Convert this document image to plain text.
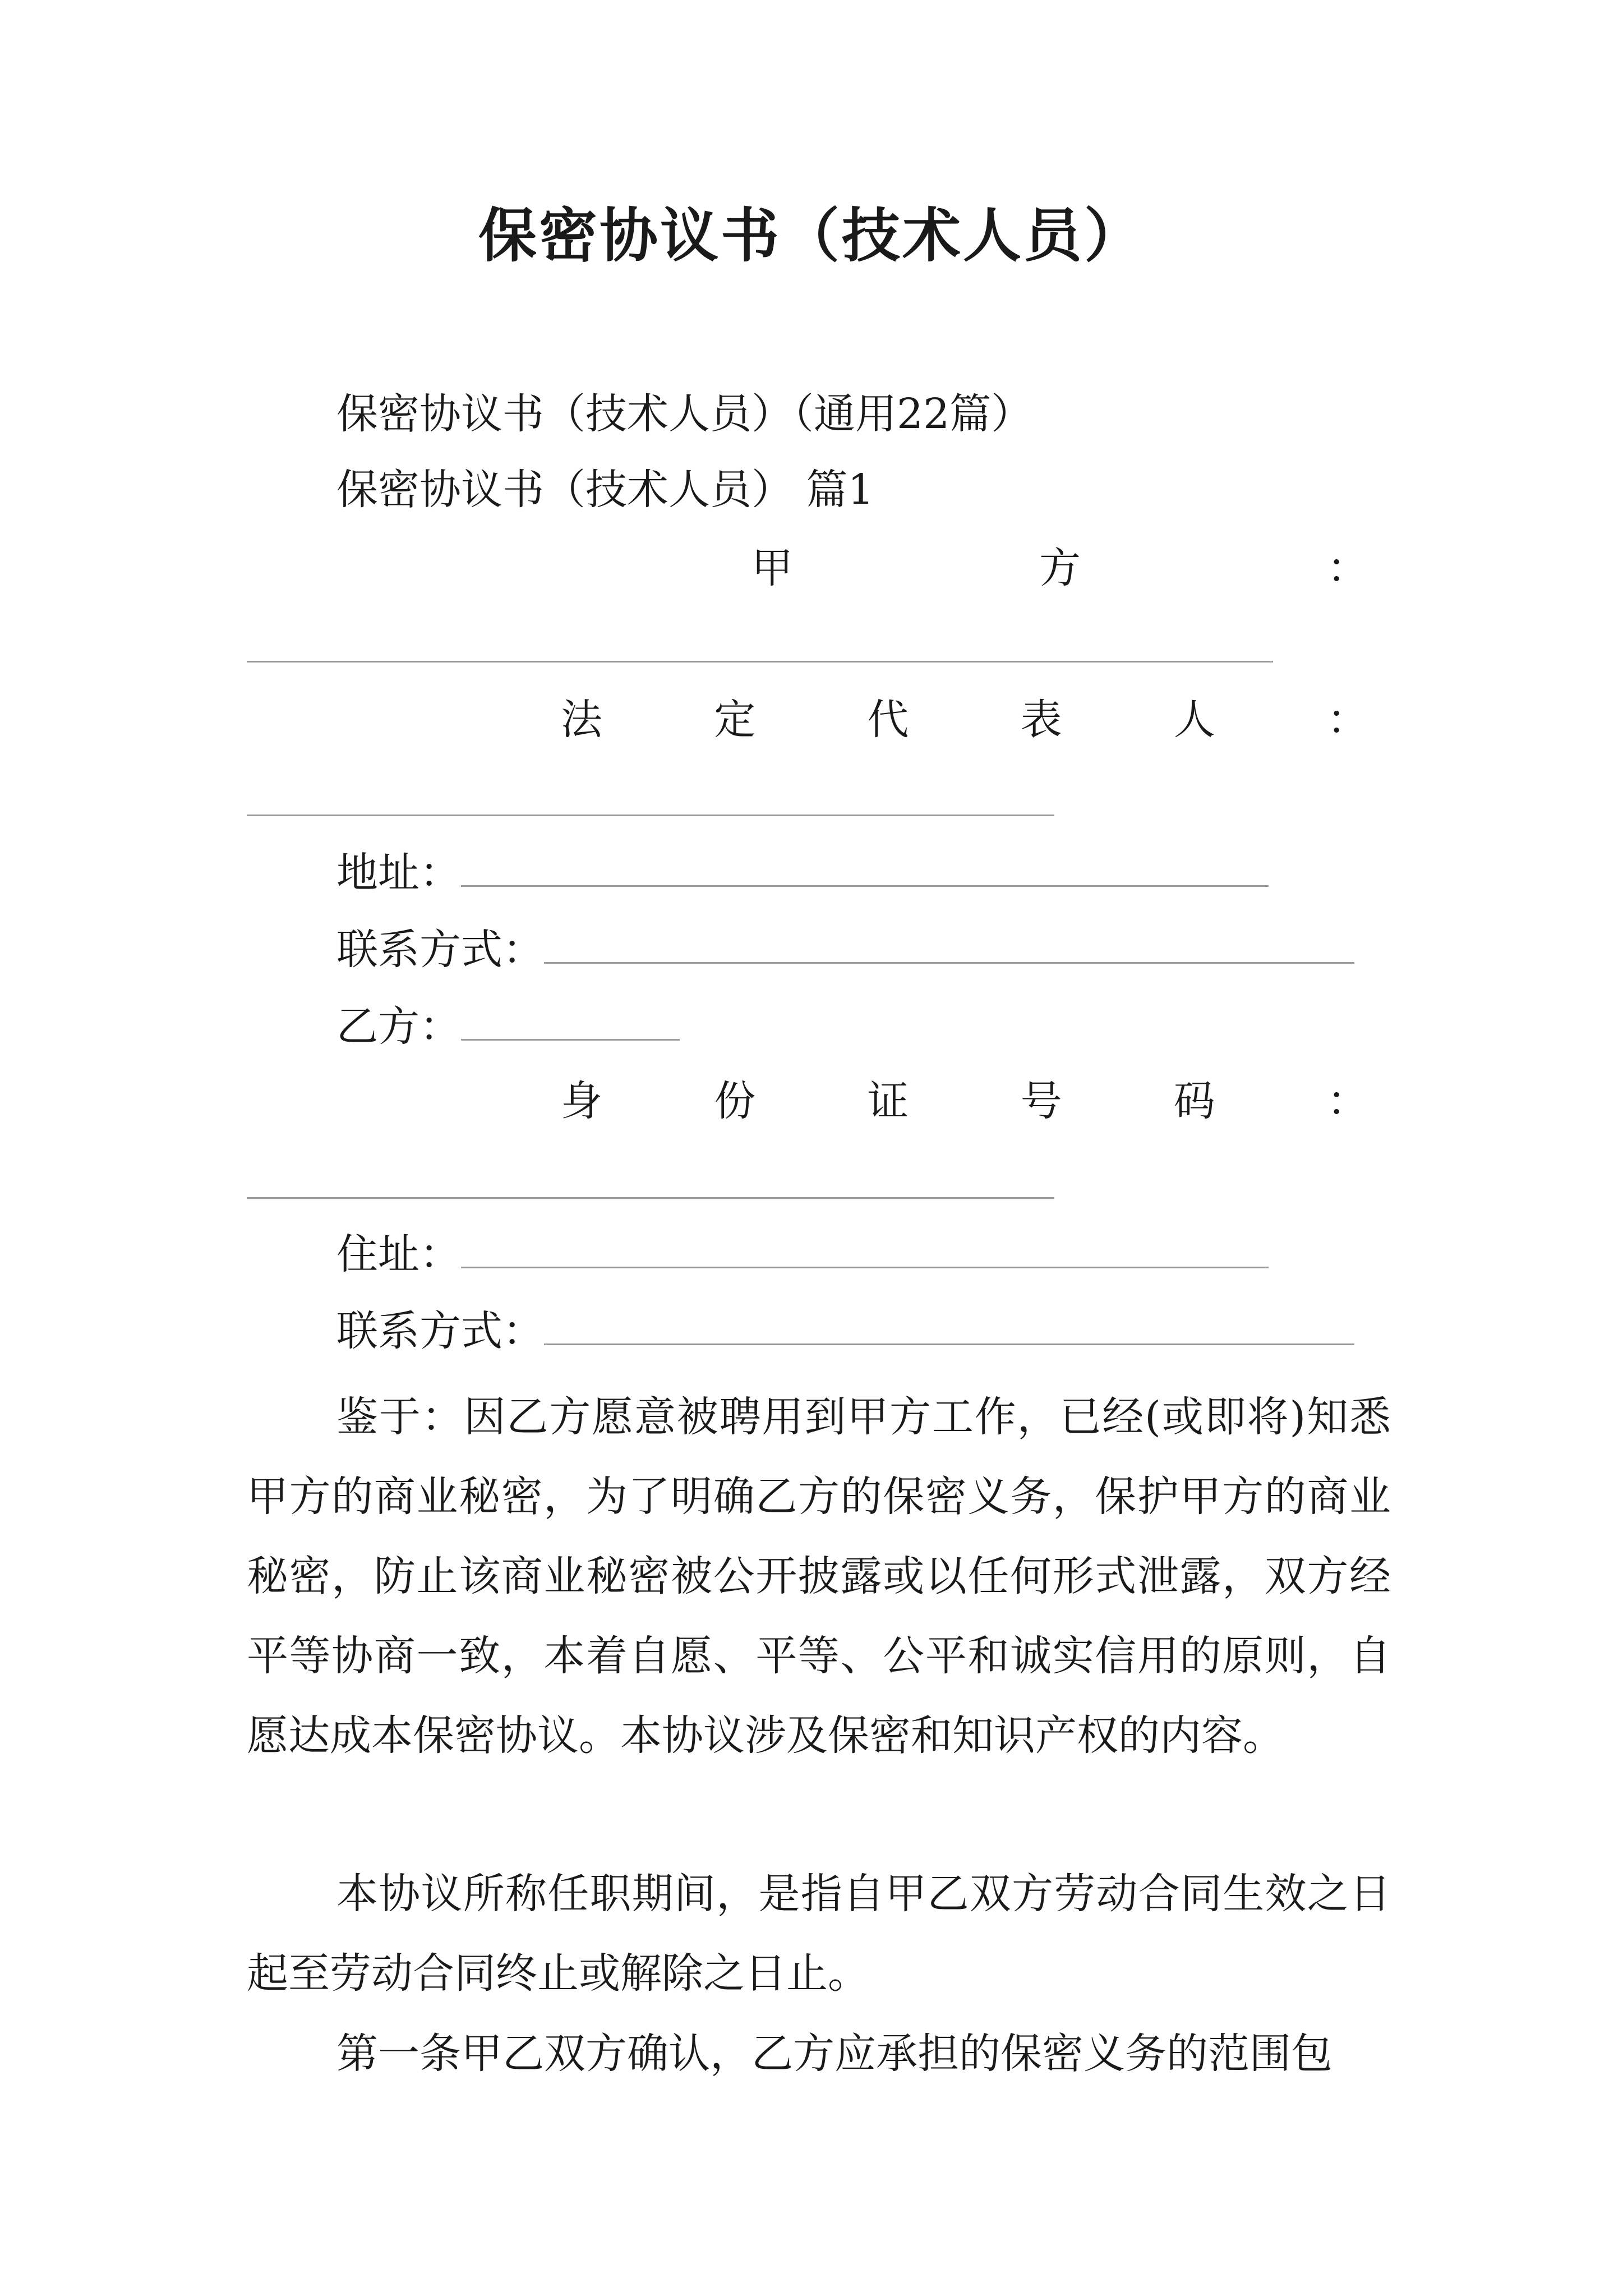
保密协议书（技术人员）
保密协议书（技术人员）（通用22篇）
保密协议书（技术人员） 篇1
甲	方	：
法	定	代	表	人	：
地址：
联系方式：
乙方：
身	份	证	号	码	：
住址：
联系方式：

鉴于：因乙方愿意被聘用到甲方工作，已经(或即将)知悉甲方的商业秘密，为了明确乙方的保密义务，保护甲方的商业秘密，防止该商业秘密被公开披露或以任何形式泄露，双方经平等协商一致，本着自愿、平等、公平和诚实信用的原则，自愿达成本保密协议。本协议涉及保密和知识产权的内容。

本协议所称任职期间，是指自甲乙双方劳动合同生效之日起至劳动合同终止或解除之日止。

第一条甲乙双方确认，乙方应承担的保密义务的范围包
